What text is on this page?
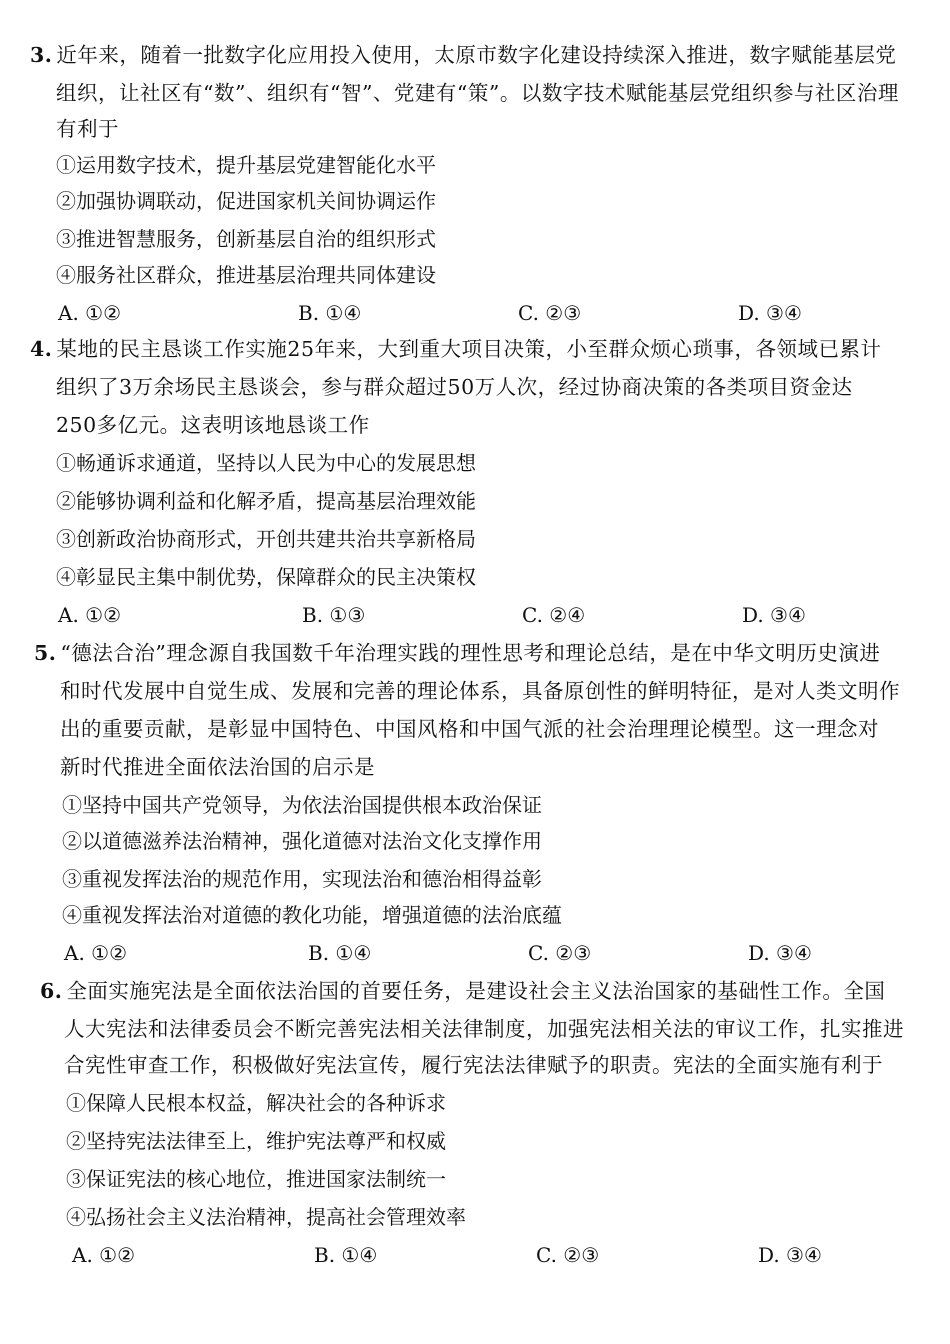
3. 近年来，随着一批数字化应用投入使用，太原市数字化建设持续深入推进，数字赋能基层党
组织，让社区有“数”、组织有“智”、党建有“策”。以数字技术赋能基层党组织参与社区治理
有利于
①运用数字技术，提升基层党建智能化水平
②加强协调联动，促进国家机关间协调运作
③推进智慧服务，创新基层自治的组织形式
④服务社区群众，推进基层治理共同体建设
A. ①②	B. ①④	C. ②③	D. ③④
4. 某地的民主恳谈工作实施25年来，大到重大项目决策，小至群众烦心琐事，各领域已累计
组织了3万余场民主恳谈会，参与群众超过50万人次，经过协商决策的各类项目资金达
250多亿元。这表明该地恳谈工作
①畅通诉求通道，坚持以人民为中心的发展思想
②能够协调利益和化解矛盾，提高基层治理效能
③创新政治协商形式，开创共建共治共享新格局
④彰显民主集中制优势，保障群众的民主决策权
A. ①②	B. ①③	C. ②④	D. ③④
5. “德法合治”理念源自我国数千年治理实践的理性思考和理论总结，是在中华文明历史演进
和时代发展中自觉生成、发展和完善的理论体系，具备原创性的鲜明特征，是对人类文明作
出的重要贡献，是彰显中国特色、中国风格和中国气派的社会治理理论模型。这一理念对
新时代推进全面依法治国的启示是
①坚持中国共产党领导，为依法治国提供根本政治保证
②以道德滋养法治精神，强化道德对法治文化支撑作用
③重视发挥法治的规范作用，实现法治和德治相得益彰
④重视发挥法治对道德的教化功能，增强道德的法治底蕴
A. ①②	B. ①④	C. ②③	D. ③④
6. 全面实施宪法是全面依法治国的首要任务，是建设社会主义法治国家的基础性工作。全国
人大宪法和法律委员会不断完善宪法相关法律制度，加强宪法相关法的审议工作，扎实推进
合宪性审查工作，积极做好宪法宣传，履行宪法法律赋予的职责。宪法的全面实施有利于
①保障人民根本权益，解决社会的各种诉求
②坚持宪法法律至上，维护宪法尊严和权威
③保证宪法的核心地位，推进国家法制统一
④弘扬社会主义法治精神，提高社会管理效率
A. ①②	B. ①④	C. ②③	D. ③④
